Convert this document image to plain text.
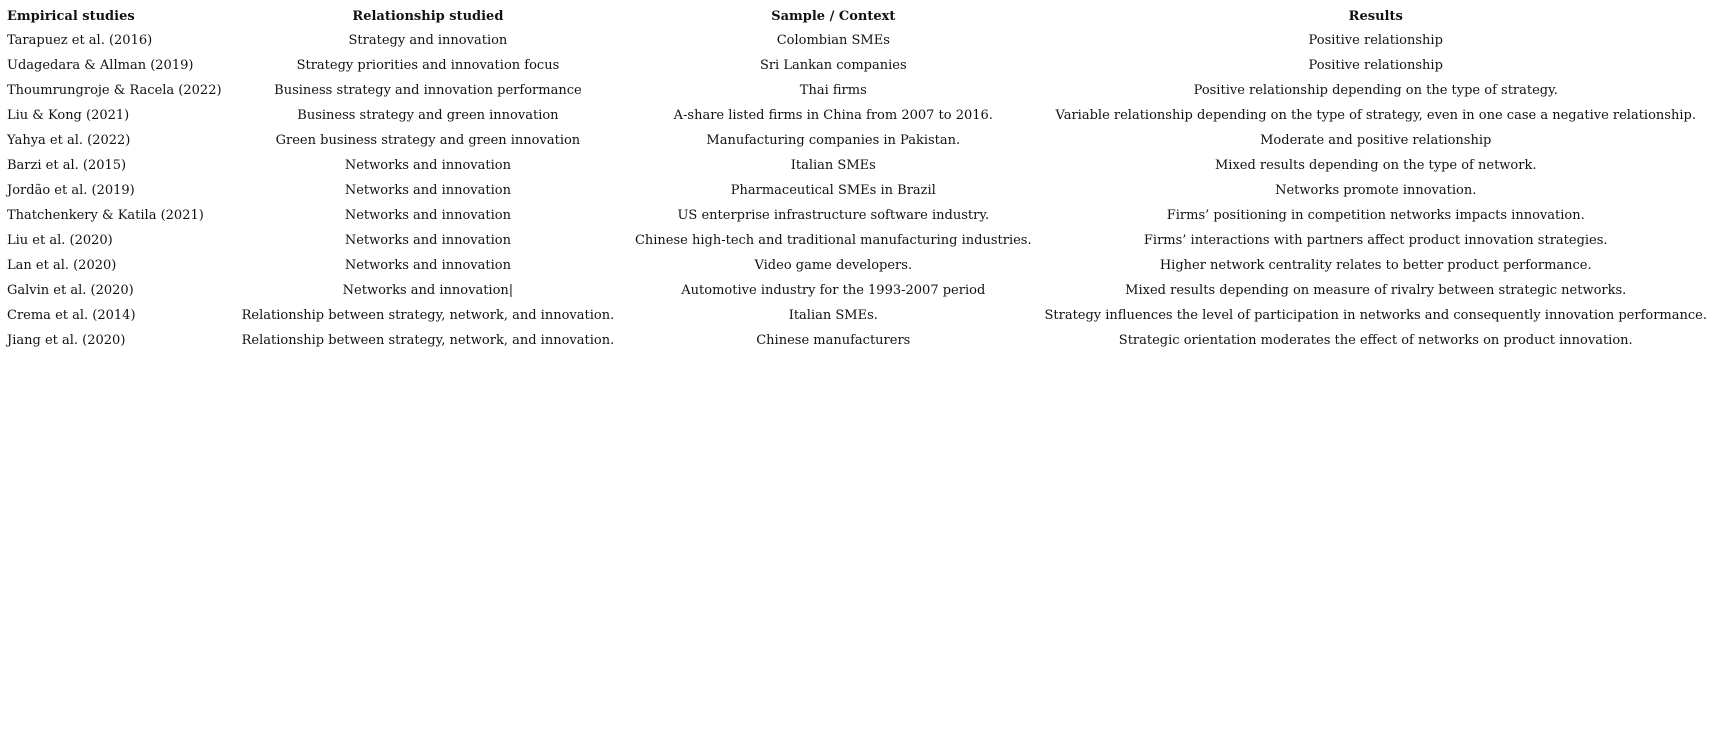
Empirical studies	Relationship studied	Sample / Context	Results
Tarapuez et al. (2016)	Strategy and innovation	Colombian SMEs	Positive relationship
Udagedara & Allman (2019)	Strategy priorities and innovation focus	Sri Lankan companies	Positive relationship
Thoumrungroje & Racela (2022)	Business strategy and innovation performance	Thai firms	Positive relationship depending on the type of strategy.
Liu & Kong (2021)	Business strategy and green innovation	A-share listed firms in China from 2007 to 2016.	Variable relationship depending on the type of strategy, even in one case a negative relationship.
Yahya et al. (2022)	Green business strategy and green innovation	Manufacturing companies in Pakistan.	Moderate and positive relationship
Barzi et al. (2015)	Networks and innovation	Italian SMEs	Mixed results depending on the type of network.
Jordão et al. (2019)	Networks and innovation	Pharmaceutical SMEs in Brazil	Networks promote innovation.
Thatchenkery & Katila (2021)	Networks and innovation	US enterprise infrastructure software industry.	Firms’ positioning in competition networks impacts innovation.
Liu et al. (2020)	Networks and innovation	Chinese high-tech and traditional manufacturing industries.	Firms’ interactions with partners affect product innovation strategies.
Lan et al. (2020)	Networks and innovation	Video game developers.	Higher network centrality relates to better product performance.
Galvin et al. (2020)	Networks and innovation|	Automotive industry for the 1993-2007 period	Mixed results depending on measure of rivalry between strategic networks.
Crema et al. (2014)	Relationship between strategy, network, and innovation.	Italian SMEs.	Strategy influences the level of participation in networks and consequently innovation performance.
Jiang et al. (2020)	Relationship between strategy, network, and innovation.	Chinese manufacturers	Strategic orientation moderates the effect of networks on product innovation.
